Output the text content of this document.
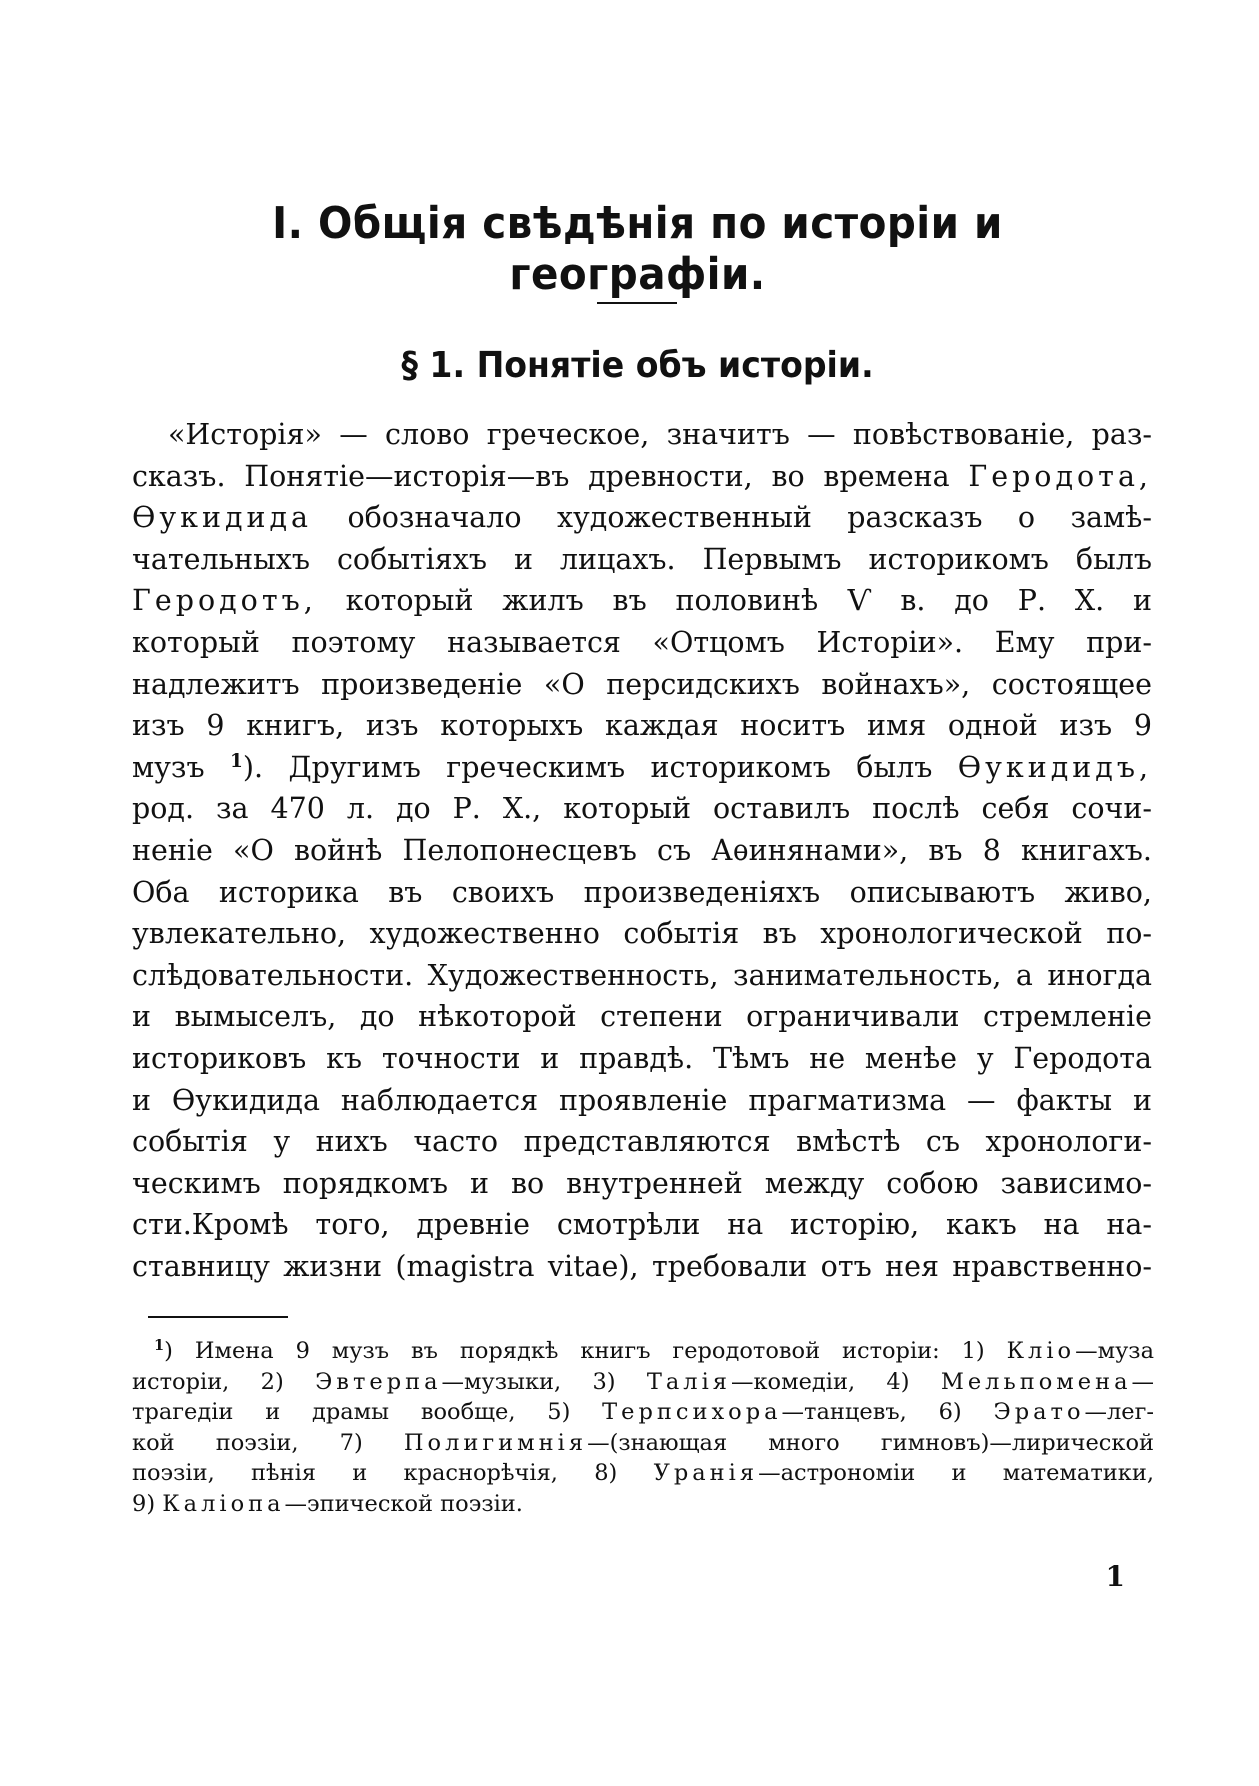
I. Общія свѣдѣнія по исторіи и географіи.
§ 1. Понятіе объ исторіи.
«Исторія» — слово греческое, значитъ — повѣствованіе, раз-
сказъ. Понятіе—исторія—въ древности, во времена Геродота,
Ѳукидида обозначало художественный разсказъ о замѣ-
чательныхъ событіяхъ и лицахъ. Первымъ историкомъ былъ
Геродотъ, который жилъ въ половинѣ Ѵ в. до Р. X. и
который поэтому называется «Отцомъ Исторіи». Ему при-
надлежитъ произведеніе «О персидскихъ войнахъ», состоящее
изъ 9 книгъ, изъ которыхъ каждая носитъ имя одной изъ 9
музъ $^1$). Другимъ греческимъ историкомъ былъ Ѳукидидъ,
род. за 470 л. до Р. X., который оставилъ послѣ себя сочи-
неніе «О войнѣ Пелопонесцевъ съ Аѳинянами», въ 8 книгахъ.
Оба историка въ своихъ произведеніяхъ описываютъ живо,
увлекательно, художественно событія въ хронологической по-
слѣдовательности. Художественность, занимательность, а иногда
и вымыселъ, до нѣкоторой степени ограничивали стремленіе
историковъ къ точности и правдѣ. Тѣмъ не менѣе у Геродота
и Ѳукидида наблюдается проявленіе прагматизма — факты и
событія у нихъ часто представляются вмѣстѣ съ хронологи-
ческимъ порядкомъ и во внутренней между собою зависимо-
сти.Кромѣ того, древніе смотрѣли на исторію, какъ на на-
ставницу жизни (magistra vitae), требовали отъ нея нравственно-
$^1$) Имена 9 музъ въ порядкѣ книгъ геродотовой исторіи: 1) Кліо—муза
исторіи, 2) Эвтерпа—музыки, 3) Талія—комедіи, 4) Мельпомена—
трагедіи и драмы вообще, 5) Терпсихора—танцевъ, 6) Эрато—лег-
кой поэзіи, 7) Полигимнія—(знающая много гимновъ)—лирической
поэзіи, пѣнія и краснорѣчія, 8) Уранія—астрономіи и математики,
9) Каліопа—эпической поэзіи.
1
